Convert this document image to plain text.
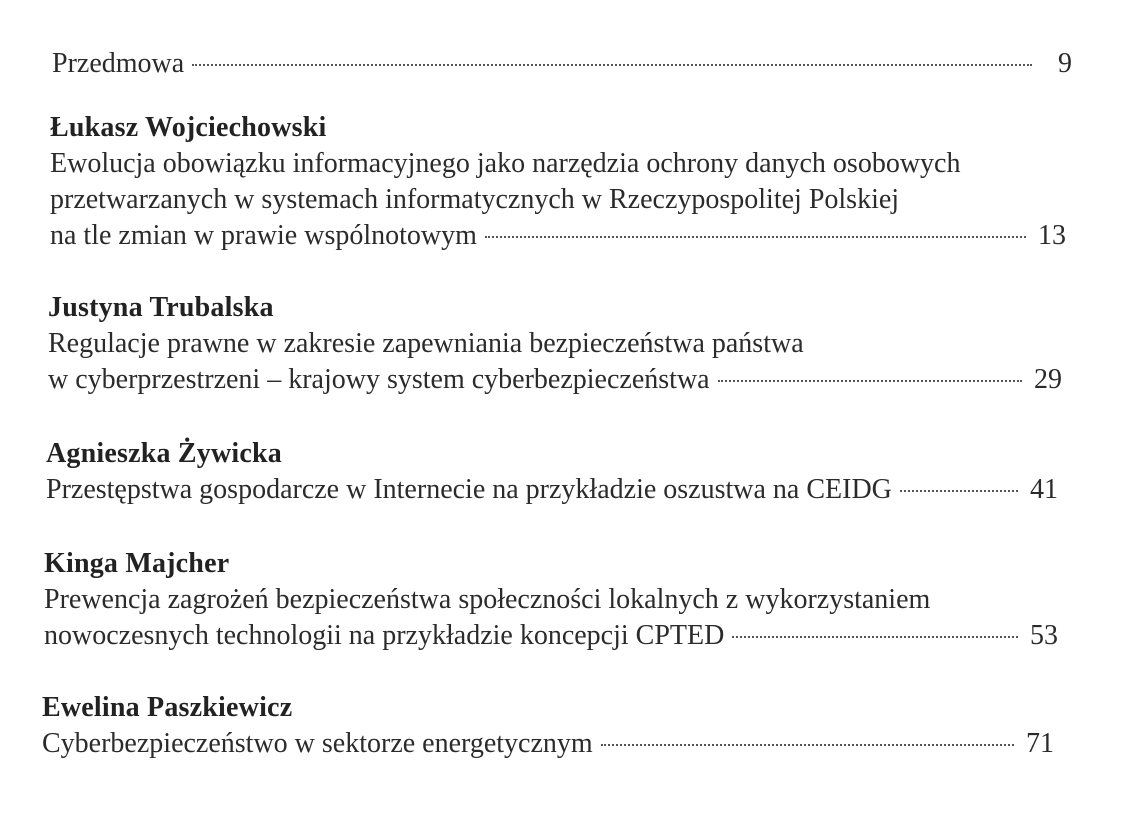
Przedmowa	9
Łukasz Wojciechowski
Ewolucja obowiązku informacyjnego jako narzędzia ochrony danych osobowych
przetwarzanych w systemach informatycznych w Rzeczypospolitej Polskiej
na tle zmian w prawie wspólnotowym	13
Justyna Trubalska
Regulacje prawne w zakresie zapewniania bezpieczeństwa państwa
w cyberprzestrzeni – krajowy system cyberbezpieczeństwa	29
Agnieszka Żywicka
Przestępstwa gospodarcze w Internecie na przykładzie oszustwa na CEIDG	41
Kinga Majcher
Prewencja zagrożeń bezpieczeństwa społeczności lokalnych z wykorzystaniem
nowoczesnych technologii na przykładzie koncepcji CPTED	53
Ewelina Paszkiewicz
Cyberbezpieczeństwo w sektorze energetycznym	71
